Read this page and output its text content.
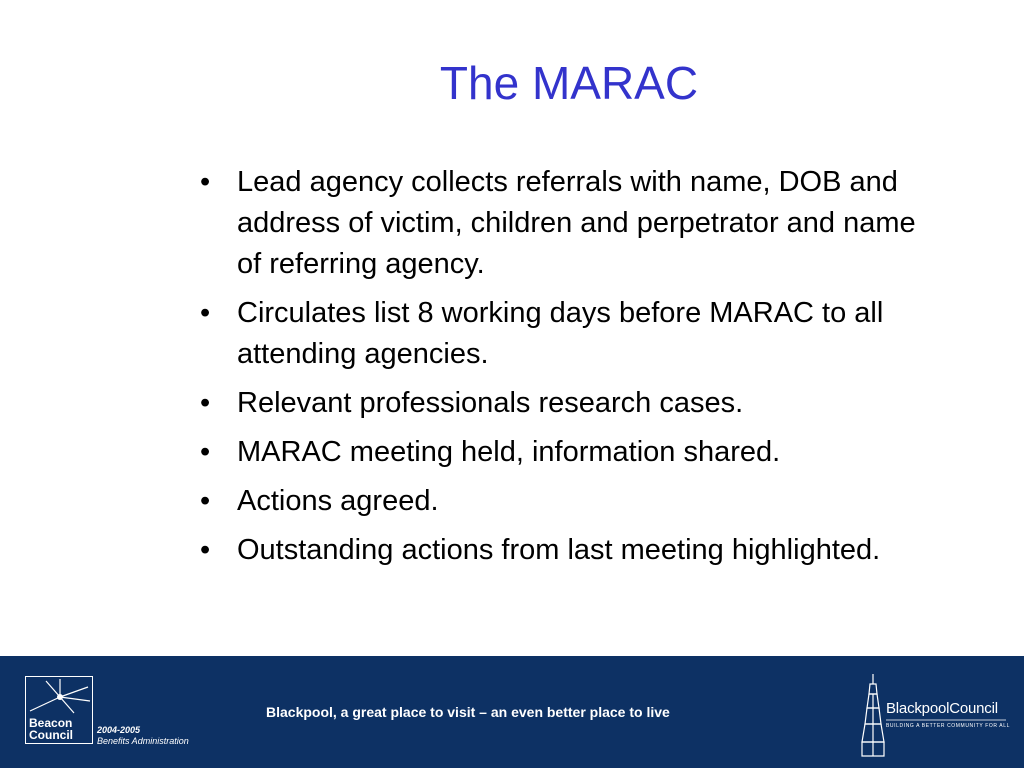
The MARAC
• Lead agency collects referrals with name, DOB and address of victim, children and perpetrator and name of referring agency.
• Circulates list 8 working days before MARAC to all attending agencies.
• Relevant professionals research cases.
• MARAC meeting held, information shared.
• Actions agreed.
• Outstanding actions from last meeting highlighted.
Beacon
Council	2004-2005
Benefits Administration
Blackpool, a great place to visit – an even better place to live	BlackpoolCouncil
BUILDING A BETTER COMMUNITY FOR ALL
